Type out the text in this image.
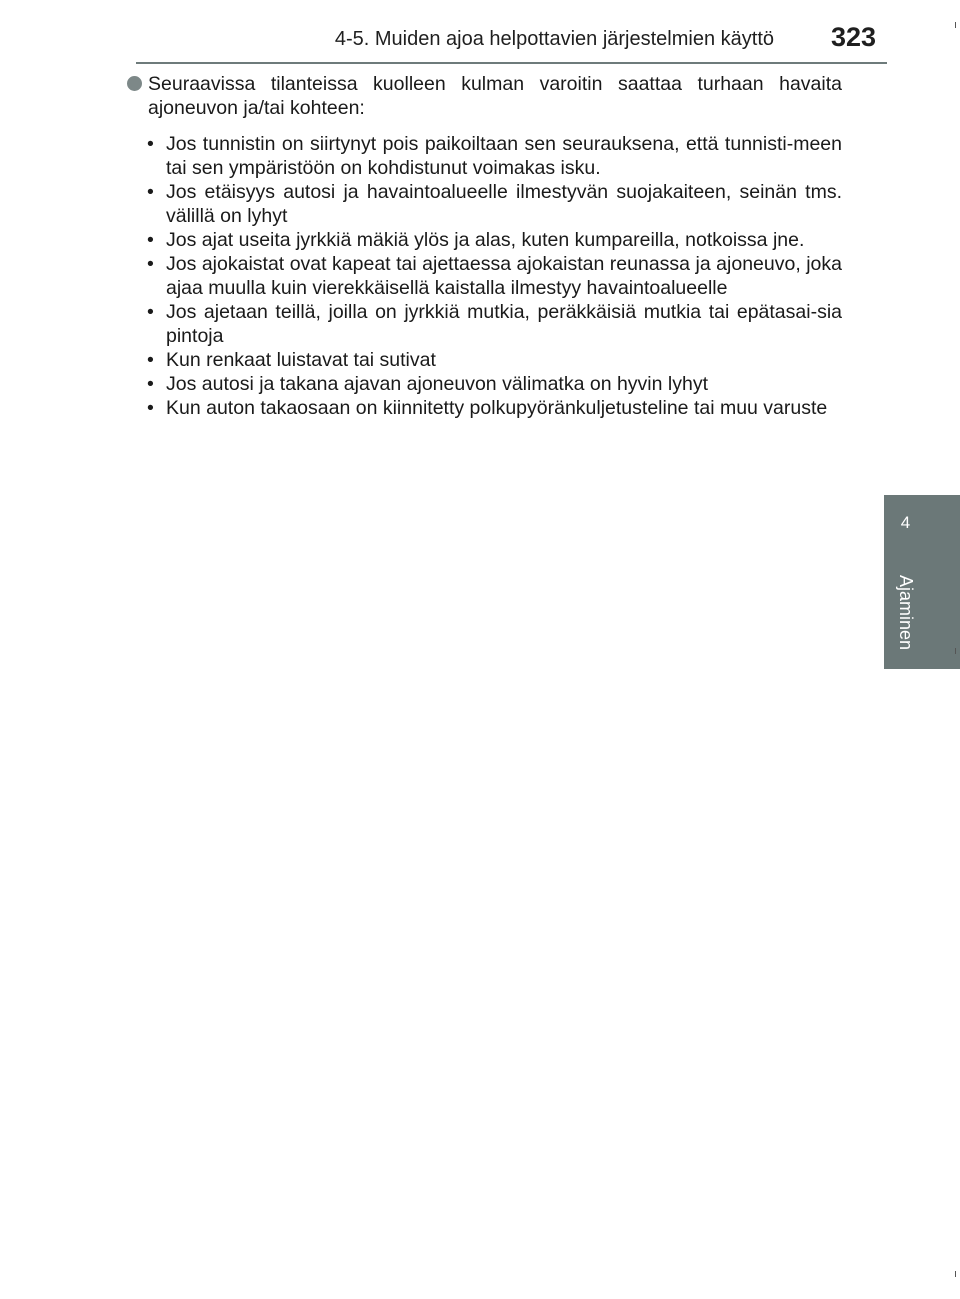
4-5. Muiden ajoa helpottavien järjestelmien käyttö 323
4
Ajaminen

Seuraavissa tilanteissa kuolleen kulman varoitin saattaa turhaan havaita ajoneuvon ja/tai kohteen:

• Jos tunnistin on siirtynyt pois paikoiltaan sen seurauksena, että tunnisti-meen tai sen ympäristöön on kohdistunut voimakas isku.
• Jos etäisyys autosi ja havaintoalueelle ilmestyvän suojakaiteen, seinän tms. välillä on lyhyt
• Jos ajat useita jyrkkiä mäkiä ylös ja alas, kuten kumpareilla, notkoissa jne.
• Jos ajokaistat ovat kapeat tai ajettaessa ajokaistan reunassa ja ajoneuvo, joka ajaa muulla kuin vierekkäisellä kaistalla ilmestyy havaintoalueelle
• Jos ajetaan teillä, joilla on jyrkkiä mutkia, peräkkäisiä mutkia tai epätasai-sia pintoja
• Kun renkaat luistavat tai sutivat
• Jos autosi ja takana ajavan ajoneuvon välimatka on hyvin lyhyt
• Kun auton takaosaan on kiinnitetty polkupyöränkuljetusteline tai muu varuste
